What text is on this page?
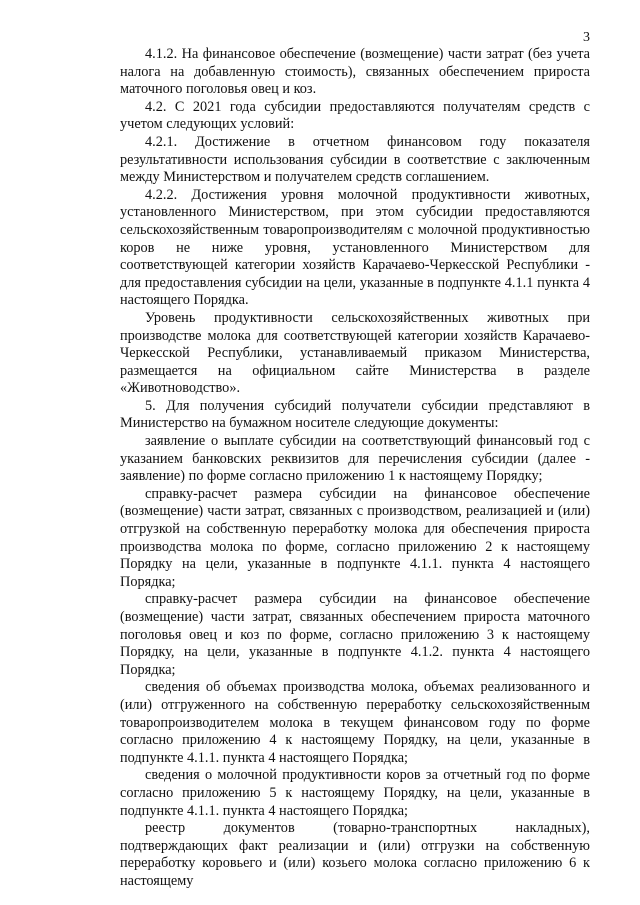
3

4.1.2. На финансовое обеспечение (возмещение) части затрат (без учета налога на добавленную стоимость), связанных обеспечением прироста маточного поголовья овец и коз.

4.2. С 2021 года субсидии предоставляются получателям средств с учетом следующих условий:

4.2.1. Достижение в отчетном финансовом году показателя результативности использования субсидии в соответствие с заключенным между Министерством и получателем средств соглашением.

4.2.2. Достижения уровня молочной продуктивности животных, установленного Министерством, при этом субсидии предоставляются сельскохозяйственным товаропроизводителям с молочной продуктивностью коров не ниже уровня, установленного Министерством для соответствующей категории хозяйств Карачаево-Черкесской Республики - для предоставления субсидии на цели, указанные в подпункте 4.1.1 пункта 4 настоящего Порядка.

Уровень продуктивности сельскохозяйственных животных при производстве молока для соответствующей категории хозяйств Карачаево-Черкесской Республики, устанавливаемый приказом Министерства, размещается на официальном сайте Министерства в разделе «Животноводство».

5. Для получения субсидий получатели субсидии представляют в Министерство на бумажном носителе следующие документы:

заявление о выплате субсидии на соответствующий финансовый год с указанием банковских реквизитов для перечисления субсидии (далее - заявление) по форме согласно приложению 1 к настоящему Порядку;

справку-расчет размера субсидии на финансовое обеспечение (возмещение) части затрат, связанных с производством, реализацией и (или) отгрузкой на собственную переработку молока для обеспечения прироста производства молока по форме, согласно приложению 2 к настоящему Порядку на цели, указанные в подпункте 4.1.1. пункта 4 настоящего Порядка;

справку-расчет размера субсидии на финансовое обеспечение (возмещение) части затрат, связанных обеспечением прироста маточного поголовья овец и коз по форме, согласно приложению 3 к настоящему Порядку, на цели, указанные в подпункте 4.1.2. пункта 4 настоящего Порядка;

сведения об объемах производства молока, объемах реализованного и (или) отгруженного на собственную переработку сельскохозяйственным товаропроизводителем молока в текущем финансовом году по форме согласно приложению 4 к настоящему Порядку, на цели, указанные в подпункте 4.1.1. пункта 4 настоящего Порядка;

сведения о молочной продуктивности коров за отчетный год по форме согласно приложению 5 к настоящему Порядку, на цели, указанные в подпункте 4.1.1. пункта 4 настоящего Порядка;

реестр документов (товарно-транспортных накладных), подтверждающих факт реализации и (или) отгрузки на собственную переработку коровьего и (или) козьего молока согласно приложению 6 к настоящему
